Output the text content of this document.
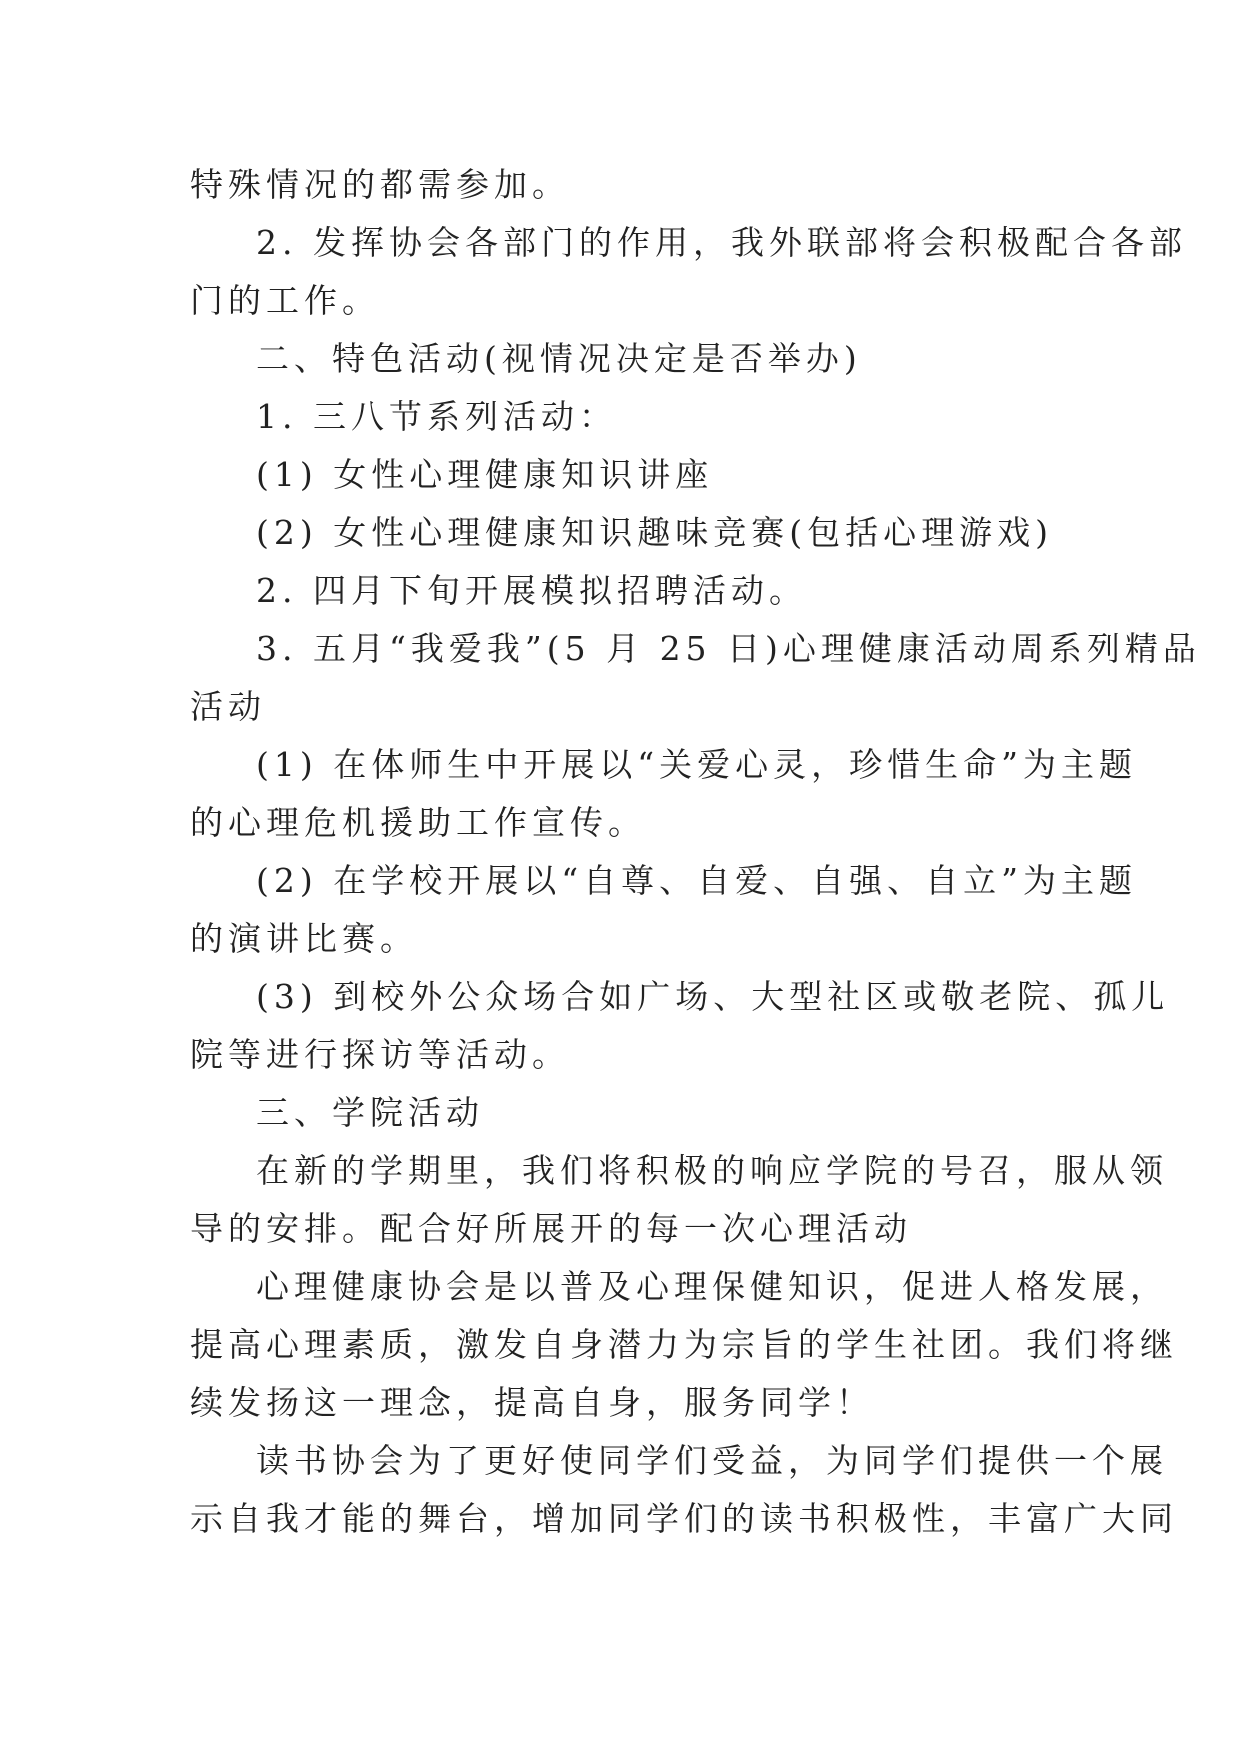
特殊情况的都需参加。

2. 发挥协会各部门的作用，我外联部将会积极配合各部

门的工作。

二、特色活动(视情况决定是否举办)

1. 三八节系列活动：

(1) 女性心理健康知识讲座

(2) 女性心理健康知识趣味竞赛(包括心理游戏)

2. 四月下旬开展模拟招聘活动。

3. 五月“我爱我”(5 月 25 日)心理健康活动周系列精品

活动

(1) 在体师生中开展以“关爱心灵，珍惜生命”为主题

的心理危机援助工作宣传。

(2) 在学校开展以“自尊、自爱、自强、自立”为主题

的演讲比赛。

(3) 到校外公众场合如广场、大型社区或敬老院、孤儿

院等进行探访等活动。

三、学院活动

在新的学期里，我们将积极的响应学院的号召，服从领

导的安排。配合好所展开的每一次心理活动

心理健康协会是以普及心理保健知识，促进人格发展，

提高心理素质，激发自身潜力为宗旨的学生社团。我们将继

续发扬这一理念，提高自身，服务同学！

读书协会为了更好使同学们受益，为同学们提供一个展

示自我才能的舞台，增加同学们的读书积极性，丰富广大同
